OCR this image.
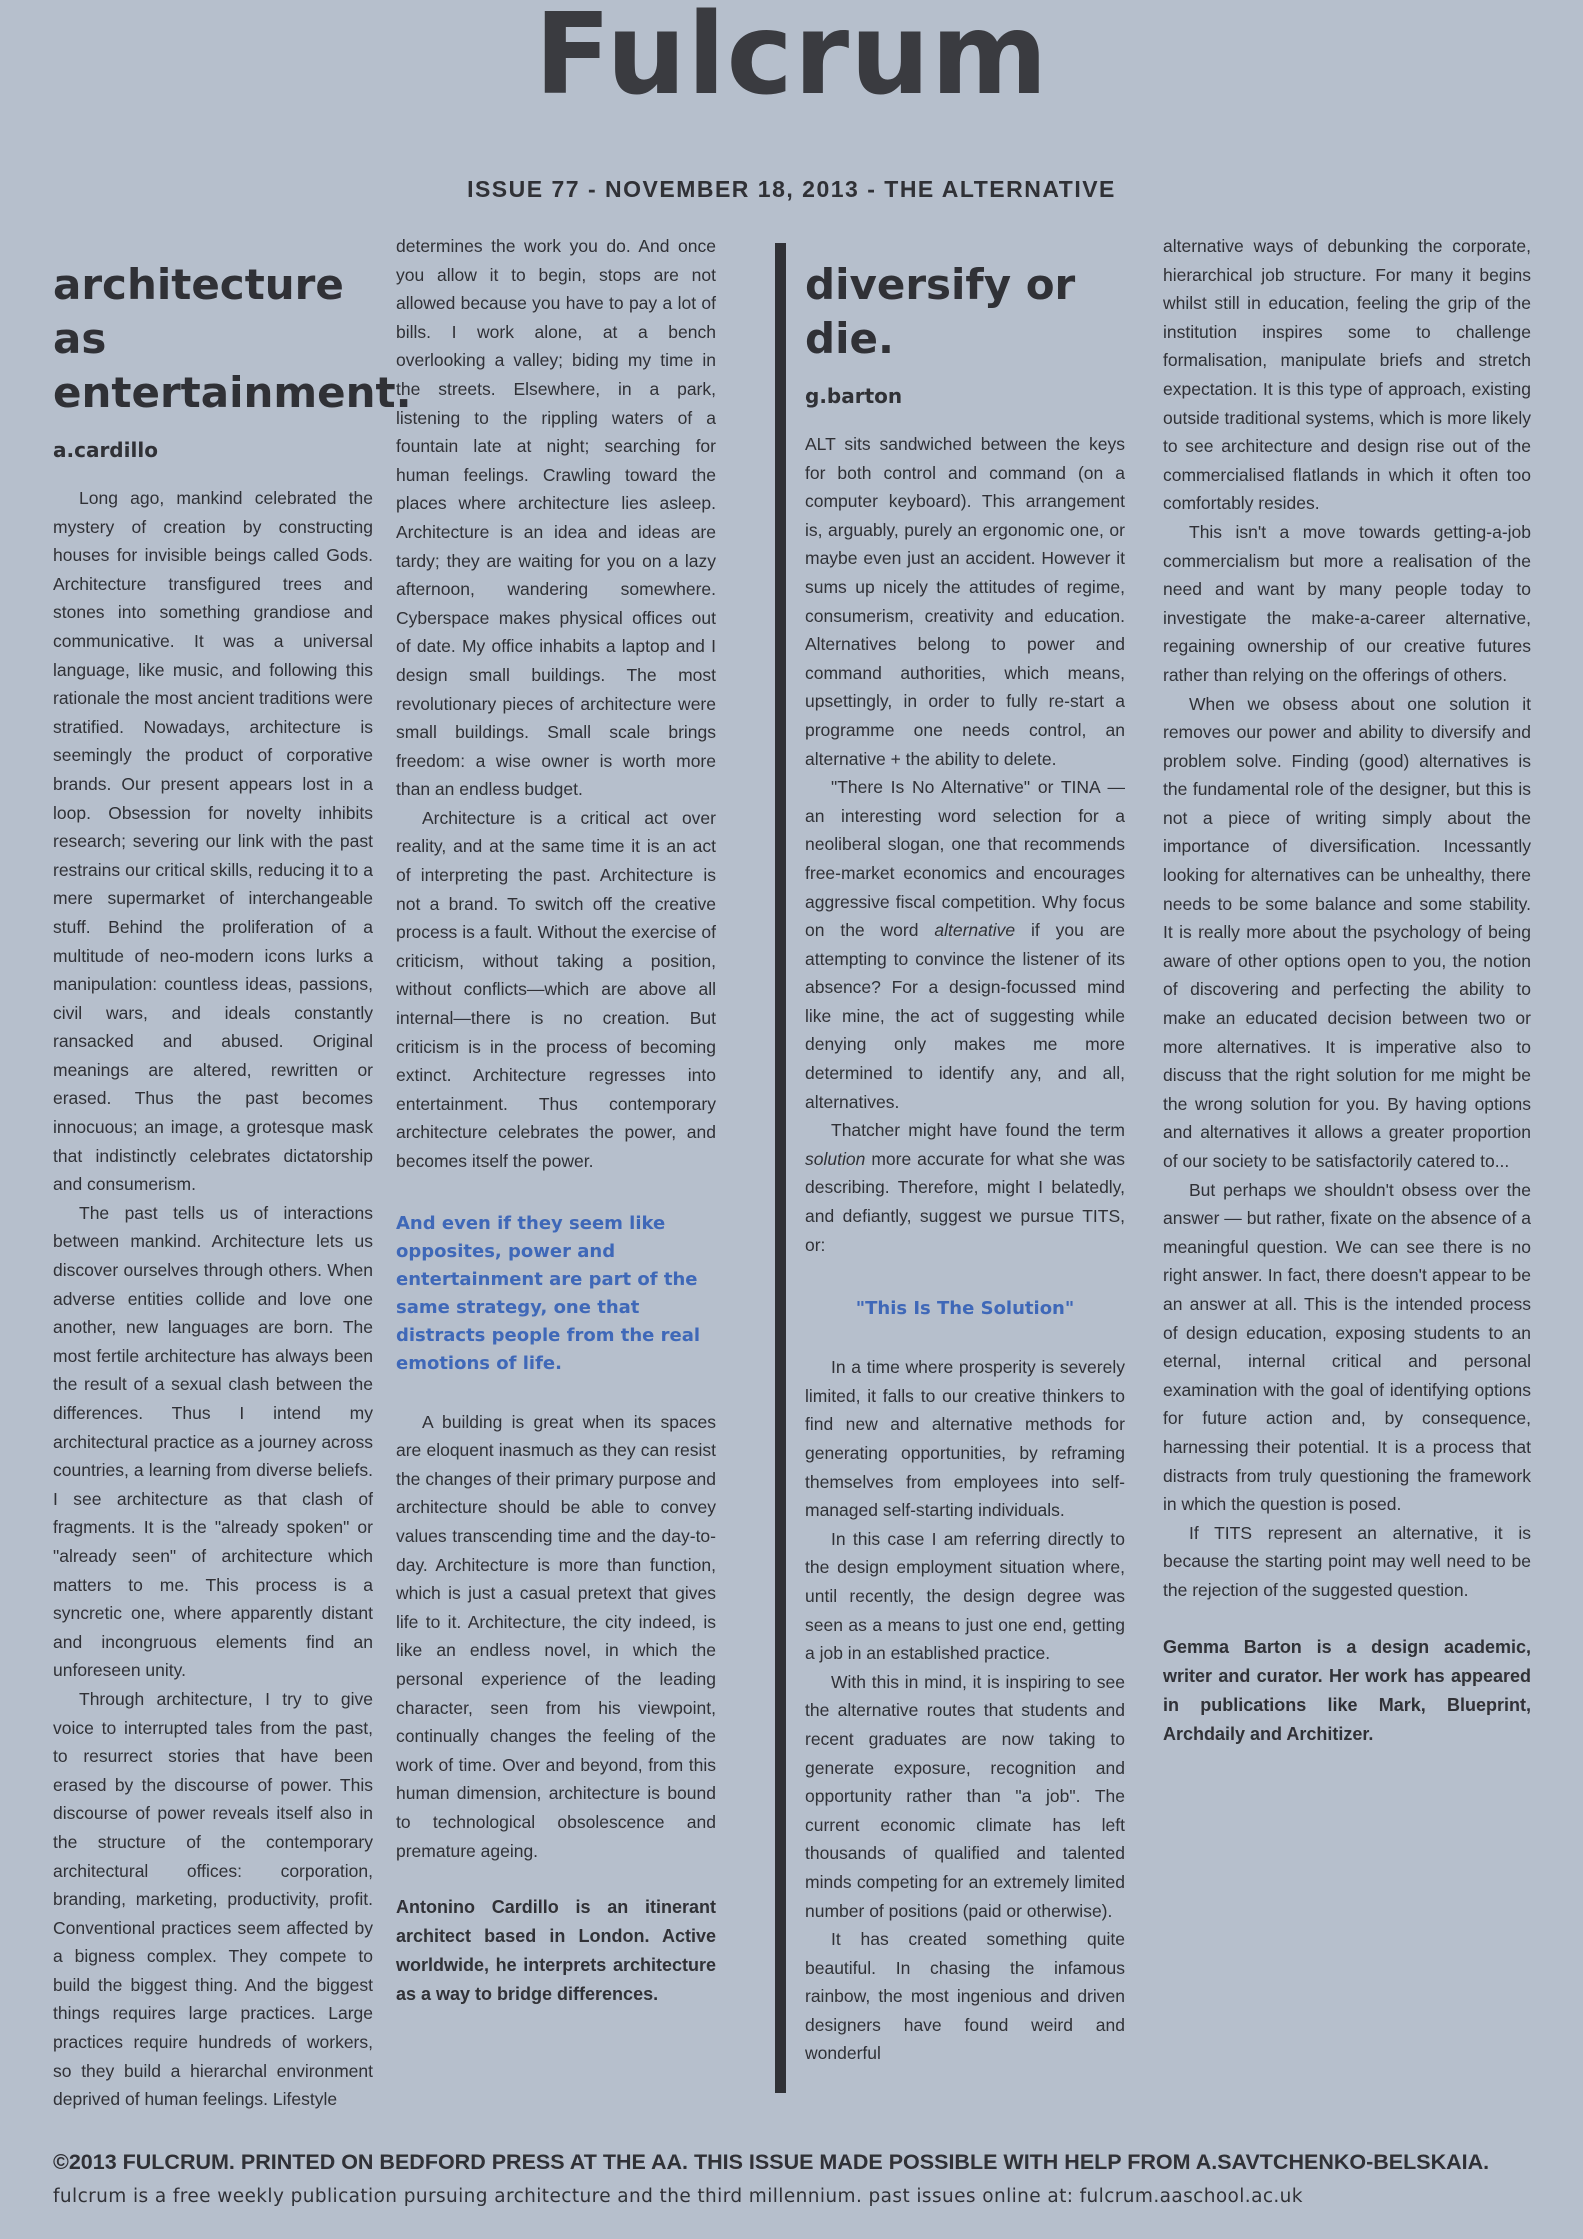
Fulcrum
ISSUE 77 - NOVEMBER 18, 2013 - THE ALTERNATIVE
architecture as entertainment.
a.cardillo

Long ago, mankind celebrated the mystery of creation by constructing houses for invisible beings called Gods. Architecture transfigured trees and stones into something grandiose and communicative. It was a universal language, like music, and following this rationale the most ancient traditions were stratified. Nowadays, architecture is seemingly the product of corporative brands. Our present appears lost in a loop. Obsession for novelty inhibits research; severing our link with the past restrains our critical skills, reducing it to a mere supermarket of interchangeable stuff. Behind the proliferation of a multitude of neo-modern icons lurks a manipulation: countless ideas, passions, civil wars, and ideals constantly ransacked and abused. Original meanings are altered, rewritten or erased. Thus the past becomes innocuous; an image, a grotesque mask that indistinctly celebrates dictatorship and consumerism.

The past tells us of interactions between mankind. Architecture lets us discover ourselves through others. When adverse entities collide and love one another, new languages are born. The most fertile architecture has always been the result of a sexual clash between the differences. Thus I intend my architectural practice as a journey across countries, a learning from diverse beliefs. I see architecture as that clash of fragments. It is the "already spoken" or "already seen" of architecture which matters to me. This process is a syncretic one, where apparently distant and incongruous elements find an unforeseen unity.

Through architecture, I try to give voice to interrupted tales from the past, to resurrect stories that have been erased by the discourse of power. This discourse of power reveals itself also in the structure of the contemporary architectural offices: corporation, branding, marketing, productivity, profit. Conventional practices seem affected by a bigness complex. They compete to build the biggest thing. And the biggest things requires large practices. Large practices require hundreds of workers, so they build a hierarchal environment deprived of human feelings. Lifestyle

determines the work you do. And once you allow it to begin, stops are not allowed because you have to pay a lot of bills. I work alone, at a bench overlooking a valley; biding my time in the streets. Elsewhere, in a park, listening to the rippling waters of a fountain late at night; searching for human feelings. Crawling toward the places where architecture lies asleep. Architecture is an idea and ideas are tardy; they are waiting for you on a lazy afternoon, wandering somewhere. Cyberspace makes physical offices out of date. My office inhabits a laptop and I design small buildings. The most revolutionary pieces of architecture were small buildings. Small scale brings freedom: a wise owner is worth more than an endless budget.

Architecture is a critical act over reality, and at the same time it is an act of interpreting the past. Architecture is not a brand. To switch off the creative process is a fault. Without the exercise of criticism, without taking a position, without conflicts—which are above all internal—there is no creation. But criticism is in the process of becoming extinct. Architecture regresses into entertainment. Thus contemporary architecture celebrates the power, and becomes itself the power.

And even if they seem like opposites, power and entertainment are part of the same strategy, one that distracts people from the real emotions of life.

A building is great when its spaces are eloquent inasmuch as they can resist the changes of their primary purpose and architecture should be able to convey values transcending time and the day-to-day. Architecture is more than function, which is just a casual pretext that gives life to it. Architecture, the city indeed, is like an endless novel, in which the personal experience of the leading character, seen from his viewpoint, continually changes the feeling of the work of time. Over and beyond, from this human dimension, architecture is bound to technological obsolescence and premature ageing.

Antonino Cardillo is an itinerant architect based in London. Active worldwide, he interprets architecture as a way to bridge differences.
diversify or die.
g.barton

ALT sits sandwiched between the keys for both control and command (on a computer keyboard). This arrangement is, arguably, purely an ergonomic one, or maybe even just an accident. However it sums up nicely the attitudes of regime, consumerism, creativity and education. Alternatives belong to power and command authorities, which means, upsettingly, in order to fully re-start a programme one needs control, an alternative + the ability to delete.

"There Is No Alternative" or TINA — an interesting word selection for a neoliberal slogan, one that recommends free-market economics and encourages aggressive fiscal competition. Why focus on the word alternative if you are attempting to convince the listener of its absence? For a design-focussed mind like mine, the act of suggesting while denying only makes me more determined to identify any, and all, alternatives.

Thatcher might have found the term solution more accurate for what she was describing. Therefore, might I belatedly, and defiantly, suggest we pursue TITS, or:

"This Is The Solution"

In a time where prosperity is severely limited, it falls to our creative thinkers to find new and alternative methods for generating opportunities, by reframing themselves from employees into self-managed self-starting individuals.

In this case I am referring directly to the design employment situation where, until recently, the design degree was seen as a means to just one end, getting a job in an established practice.

With this in mind, it is inspiring to see the alternative routes that students and recent graduates are now taking to generate exposure, recognition and opportunity rather than "a job". The current economic climate has left thousands of qualified and talented minds competing for an extremely limited number of positions (paid or otherwise).

It has created something quite beautiful. In chasing the infamous rainbow, the most ingenious and driven designers have found weird and wonderful

alternative ways of debunking the corporate, hierarchical job structure. For many it begins whilst still in education, feeling the grip of the institution inspires some to challenge formalisation, manipulate briefs and stretch expectation. It is this type of approach, existing outside traditional systems, which is more likely to see architecture and design rise out of the commercialised flatlands in which it often too comfortably resides.

This isn't a move towards getting-a-job commercialism but more a realisation of the need and want by many people today to investigate the make-a-career alternative, regaining ownership of our creative futures rather than relying on the offerings of others.

When we obsess about one solution it removes our power and ability to diversify and problem solve. Finding (good) alternatives is the fundamental role of the designer, but this is not a piece of writing simply about the importance of diversification. Incessantly looking for alternatives can be unhealthy, there needs to be some balance and some stability. It is really more about the psychology of being aware of other options open to you, the notion of discovering and perfecting the ability to make an educated decision between two or more alternatives. It is imperative also to discuss that the right solution for me might be the wrong solution for you. By having options and alternatives it allows a greater proportion of our society to be satisfactorily catered to...

But perhaps we shouldn't obsess over the answer — but rather, fixate on the absence of a meaningful question. We can see there is no right answer. In fact, there doesn't appear to be an answer at all. This is the intended process of design education, exposing students to an eternal, internal critical and personal examination with the goal of identifying options for future action and, by consequence, harnessing their potential. It is a process that distracts from truly questioning the framework in which the question is posed.

If TITS represent an alternative, it is because the starting point may well need to be the rejection of the suggested question.

Gemma Barton is a design academic, writer and curator. Her work has appeared in publications like Mark, Blueprint, Archdaily and Architizer.
©2013 FULCRUM. PRINTED ON BEDFORD PRESS AT THE AA. THIS ISSUE MADE POSSIBLE WITH HELP FROM A.SAVTCHENKO-BELSKAIA.
fulcrum is a free weekly publication pursuing architecture and the third millennium. past issues online at: fulcrum.aaschool.ac.uk
